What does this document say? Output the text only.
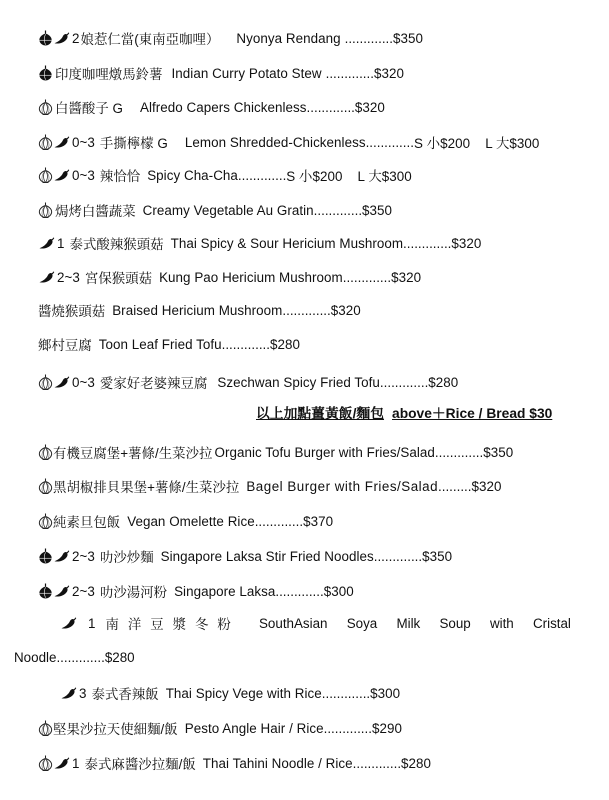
2 娘惹仁當(東南亞咖哩） Nyonya Rendang ............. $350
印度咖哩燉馬鈴薯 Indian Curry Potato Stew ............. $320
白醬酸子 G Alfredo Capers Chickenless ............. $320
0~3 手撕檸檬 G Lemon Shredded-Chickenless ............. S 小$200    L 大$300
0~3 辣恰恰 Spicy Cha-Cha ............. S 小$200    L 大$300
焗烤白醬蔬菜 Creamy Vegetable Au Gratin ............. $350
1 泰式酸辣猴頭菇 Thai Spicy & Sour Hericium Mushroom ............. $320
2~3 宮保猴頭菇 Kung Pao Hericium Mushroom ............. $320
醬燒猴頭菇 Braised Hericium Mushroom ............. $320
鄉村豆腐 Toon Leaf Fried Tofu ............. $280
0~3 愛家好老婆辣豆腐 Szechwan Spicy Fried Tofu ............. $280
以上加點薑黃飯/麵包 above＋Rice / Bread $30
有機豆腐堡+薯條/生菜沙拉 Organic Tofu Burger with Fries/Salad ............. $350
黑胡椒排貝果堡+薯條/生菜沙拉 Bagel Burger with Fries/Salad ......... $320
純素旦包飯 Vegan Omelette Rice ............. $370
2~3 叻沙炒麵 Singapore Laksa Stir Fried Noodles ............. $350
2~3 叻沙湯河粉 Singapore Laksa ............. $300
1 南洋豆漿冬粉 SouthAsian Soya Milk Soup with Cristal
Noodle ............. $280
3 泰式香辣飯 Thai Spicy Vege with Rice ............. $300
堅果沙拉天使細麵/飯 Pesto Angle Hair / Rice ............. $290
1 泰式麻醬沙拉麵/飯 Thai Tahini Noodle / Rice ............. $280
